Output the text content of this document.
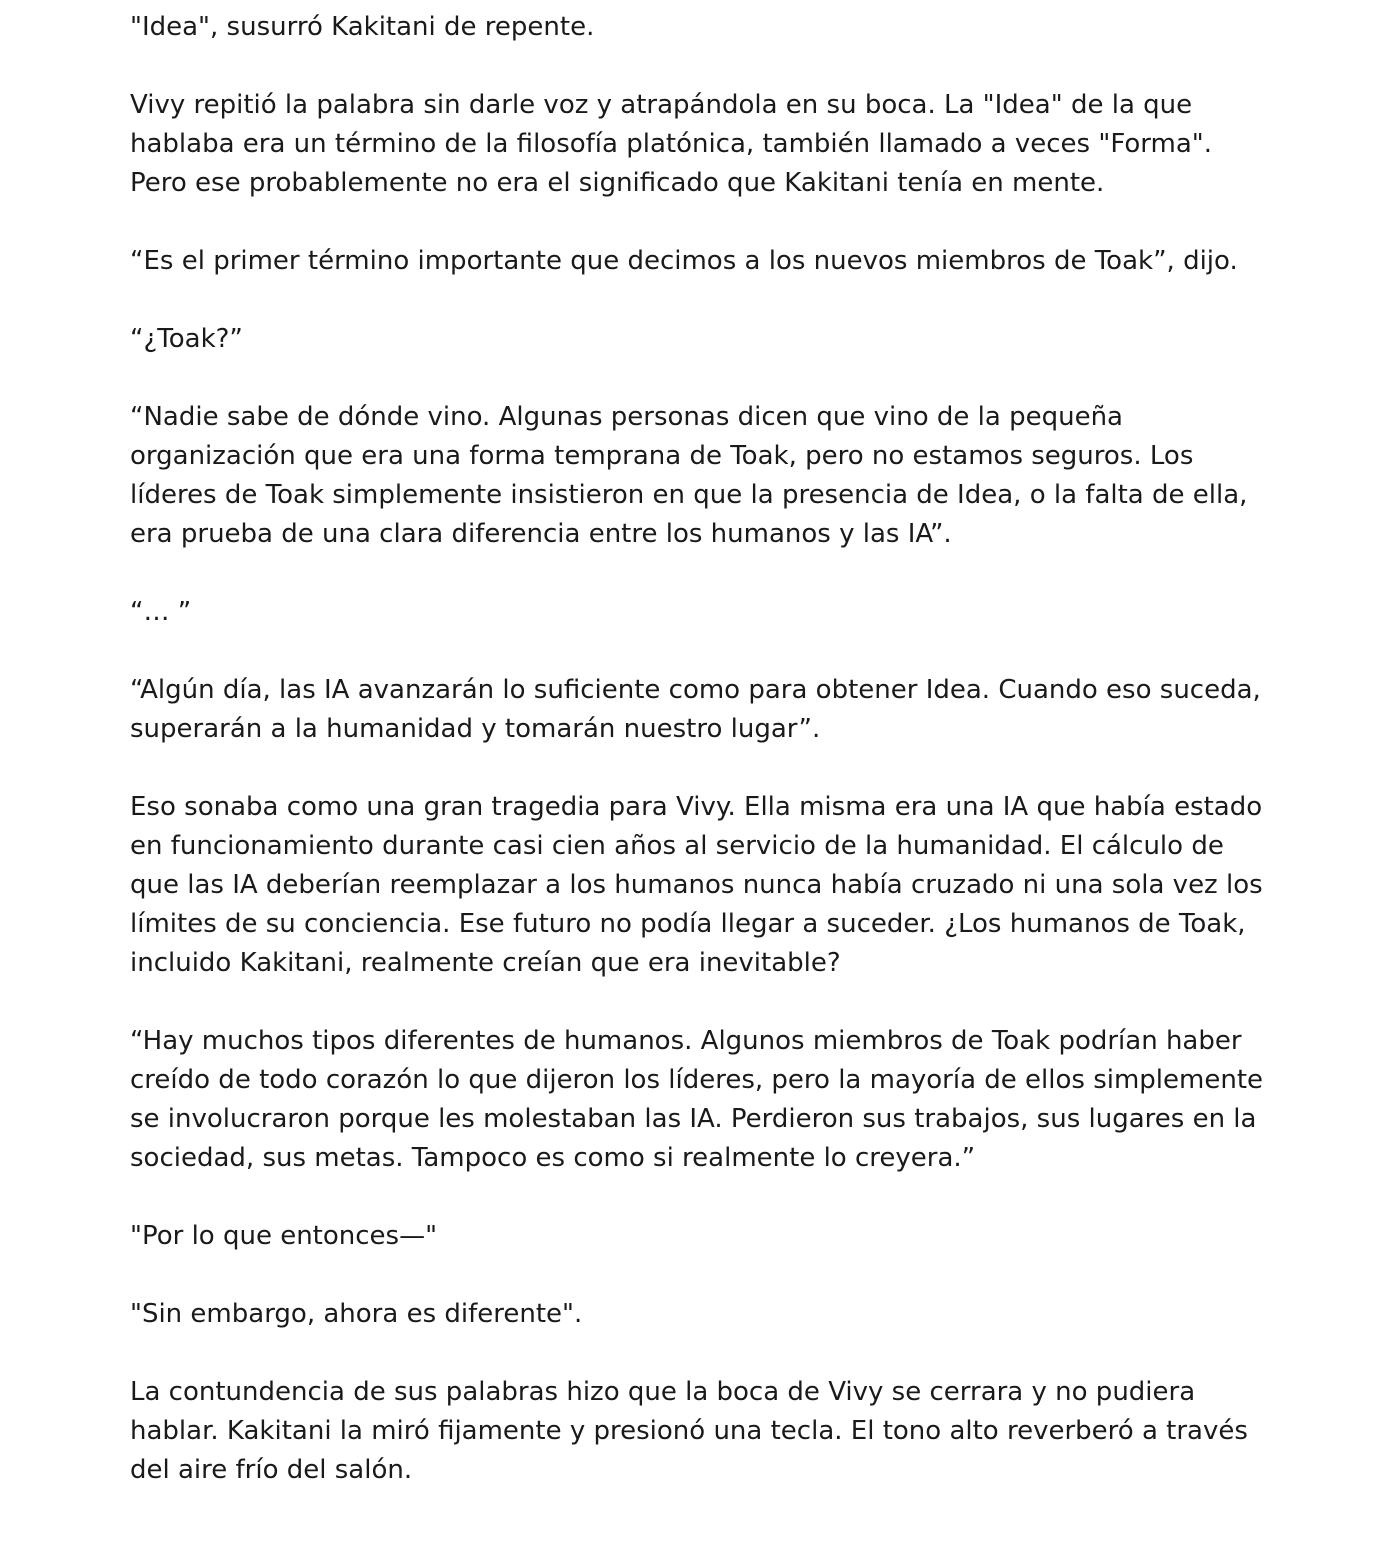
"Idea", susurró Kakitani de repente.

Vivy repitió la palabra sin darle voz y atrapándola en su boca. La "Idea" de la que hablaba era un término de la filosofía platónica, también llamado a veces "Forma". Pero ese probablemente no era el significado que Kakitani tenía en mente.

“Es el primer término importante que decimos a los nuevos miembros de Toak”, dijo.

“¿Toak?”

“Nadie sabe de dónde vino. Algunas personas dicen que vino de la pequeña organización que era una forma temprana de Toak, pero no estamos seguros. Los líderes de Toak simplemente insistieron en que la presencia de Idea, o la falta de ella, era prueba de una clara diferencia entre los humanos y las IA”.

“… ”

“Algún día, las IA avanzarán lo suficiente como para obtener Idea. Cuando eso suceda, superarán a la humanidad y tomarán nuestro lugar”.

Eso sonaba como una gran tragedia para Vivy. Ella misma era una IA que había estado en funcionamiento durante casi cien años al servicio de la humanidad. El cálculo de que las IA deberían reemplazar a los humanos nunca había cruzado ni una sola vez los límites de su conciencia. Ese futuro no podía llegar a suceder. ¿Los humanos de Toak, incluido Kakitani, realmente creían que era inevitable?

“Hay muchos tipos diferentes de humanos. Algunos miembros de Toak podrían haber creído de todo corazón lo que dijeron los líderes, pero la mayoría de ellos simplemente se involucraron porque les molestaban las IA. Perdieron sus trabajos, sus lugares en la sociedad, sus metas. Tampoco es como si realmente lo creyera.”

"Por lo que entonces—"

"Sin embargo, ahora es diferente".

La contundencia de sus palabras hizo que la boca de Vivy se cerrara y no pudiera hablar. Kakitani la miró fijamente y presionó una tecla. El tono alto reverberó a través del aire frío del salón.
